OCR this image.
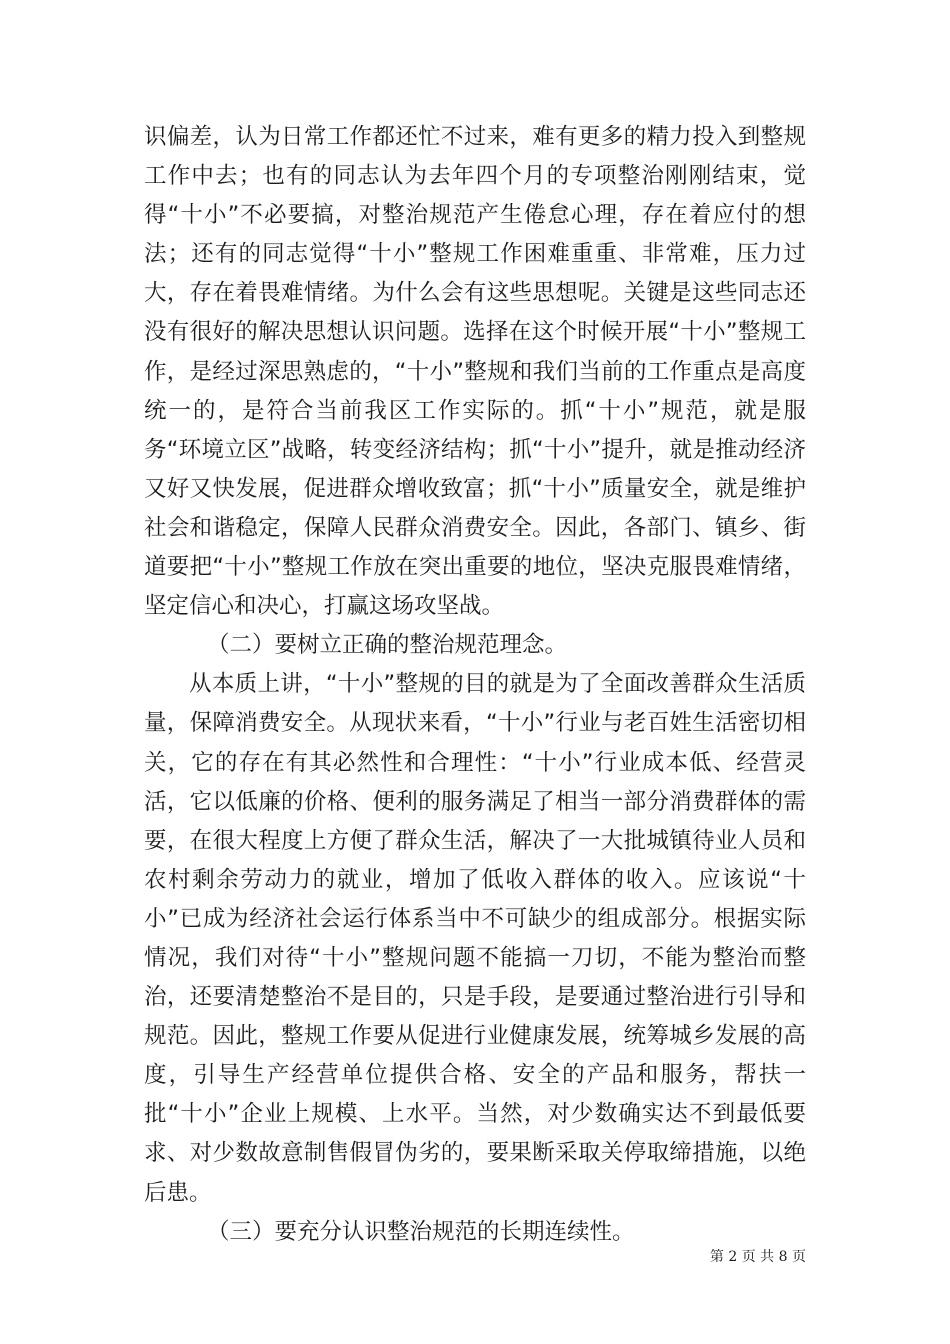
识偏差，认为日常工作都还忙不过来，难有更多的精力投入到整规工作中去；也有的同志认为去年四个月的专项整治刚刚结束，觉得“十小”不必要搞，对整治规范产生倦怠心理，存在着应付的想法；还有的同志觉得“十小”整规工作困难重重、非常难，压力过大，存在着畏难情绪。为什么会有这些思想呢。关键是这些同志还没有很好的解决思想认识问题。选择在这个时候开展“十小”整规工作，是经过深思熟虑的，“十小”整规和我们当前的工作重点是高度统一的，是符合当前我区工作实际的。抓“十小”规范，就是服务“环境立区”战略，转变经济结构；抓“十小”提升，就是推动经济又好又快发展，促进群众增收致富；抓“十小”质量安全，就是维护社会和谐稳定，保障人民群众消费安全。因此，各部门、镇乡、街道要把“十小”整规工作放在突出重要的地位，坚决克服畏难情绪，坚定信心和决心，打赢这场攻坚战。

（二）要树立正确的整治规范理念。

从本质上讲，“十小”整规的目的就是为了全面改善群众生活质量，保障消费安全。从现状来看，“十小”行业与老百姓生活密切相关，它的存在有其必然性和合理性：“十小”行业成本低、经营灵活，它以低廉的价格、便利的服务满足了相当一部分消费群体的需要，在很大程度上方便了群众生活，解决了一大批城镇待业人员和农村剩余劳动力的就业，增加了低收入群体的收入。应该说“十小”已成为经济社会运行体系当中不可缺少的组成部分。根据实际情况，我们对待“十小”整规问题不能搞一刀切，不能为整治而整治，还要清楚整治不是目的，只是手段，是要通过整治进行引导和规范。因此，整规工作要从促进行业健康发展，统筹城乡发展的高度，引导生产经营单位提供合格、安全的产品和服务，帮扶一批“十小”企业上规模、上水平。当然，对少数确实达不到最低要求、对少数故意制售假冒伪劣的，要果断采取关停取缔措施，以绝后患。

（三）要充分认识整治规范的长期连续性。

第 2 页 共 8 页
